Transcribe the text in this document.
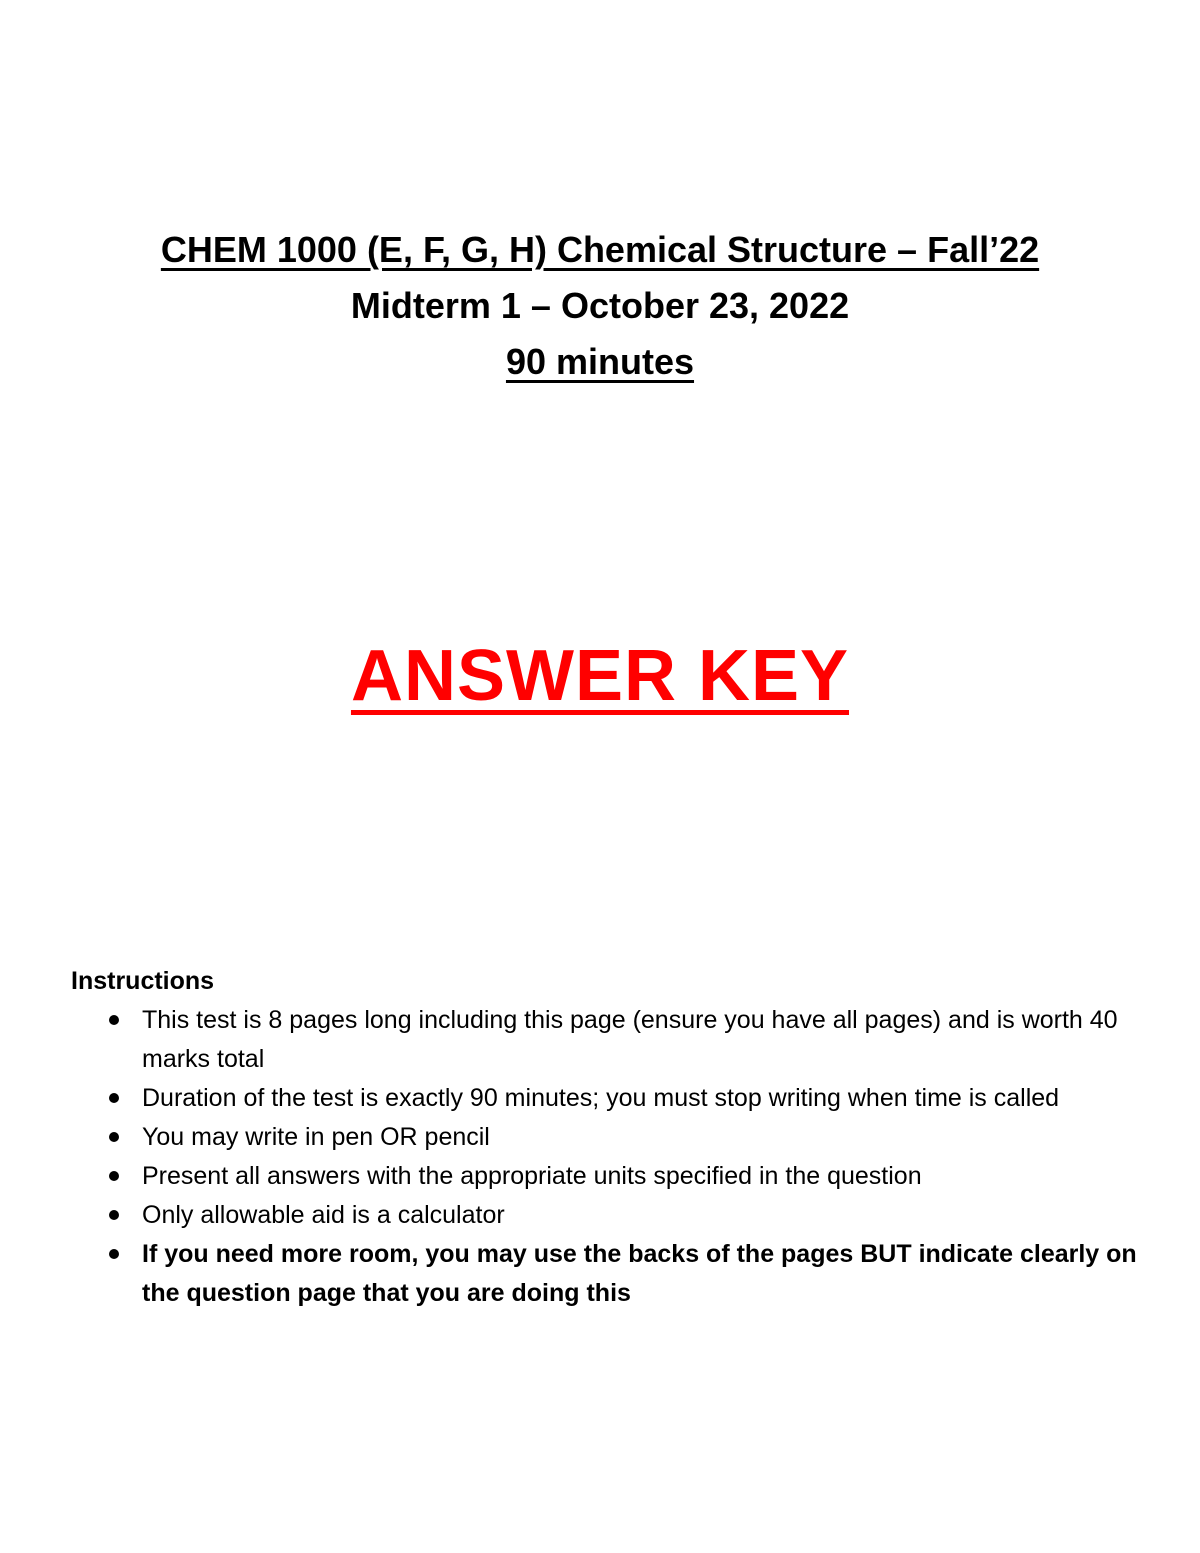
CHEM 1000 (E, F, G, H) Chemical Structure – Fall’22
Midterm 1 – October 23, 2022
90 minutes
ANSWER KEY
Instructions
This test is 8 pages long including this page (ensure you have all pages) and is worth 40 marks total
Duration of the test is exactly 90 minutes; you must stop writing when time is called
You may write in pen OR pencil
Present all answers with the appropriate units specified in the question
Only allowable aid is a calculator
If you need more room, you may use the backs of the pages BUT indicate clearly on the question page that you are doing this
